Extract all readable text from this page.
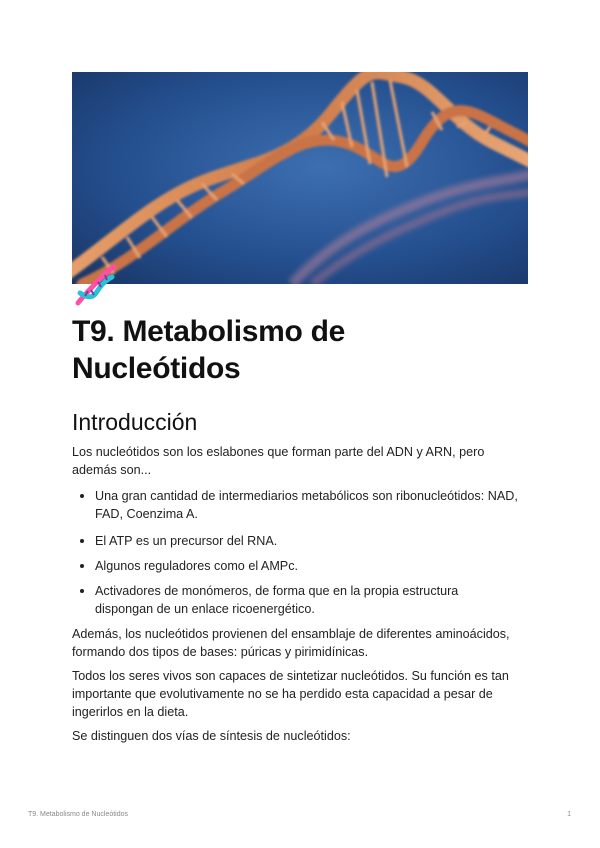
T9. Metabolismo de
Nucleótidos
Introducción

Los nucleótidos son los eslabones que forman parte del ADN y ARN, pero
además son...

Una gran cantidad de intermediarios metabólicos son ribonucleótidos: NAD,
FAD, Coenzima A.
El ATP es un precursor del RNA.
Algunos reguladores como el AMPc.
Activadores de monómeros, de forma que en la propia estructura
dispongan de un enlace ricoenergético.

Además, los nucleótidos provienen del ensamblaje de diferentes aminoácidos,
formando dos tipos de bases: púricas y pirimidínicas.

Todos los seres vivos son capaces de sintetizar nucleótidos. Su función es tan
importante que evolutivamente no se ha perdido esta capacidad a pesar de
ingerirlos en la dieta.

Se distinguen dos vías de síntesis de nucleótidos:

T9. Metabolismo de Nucleótidos	1
